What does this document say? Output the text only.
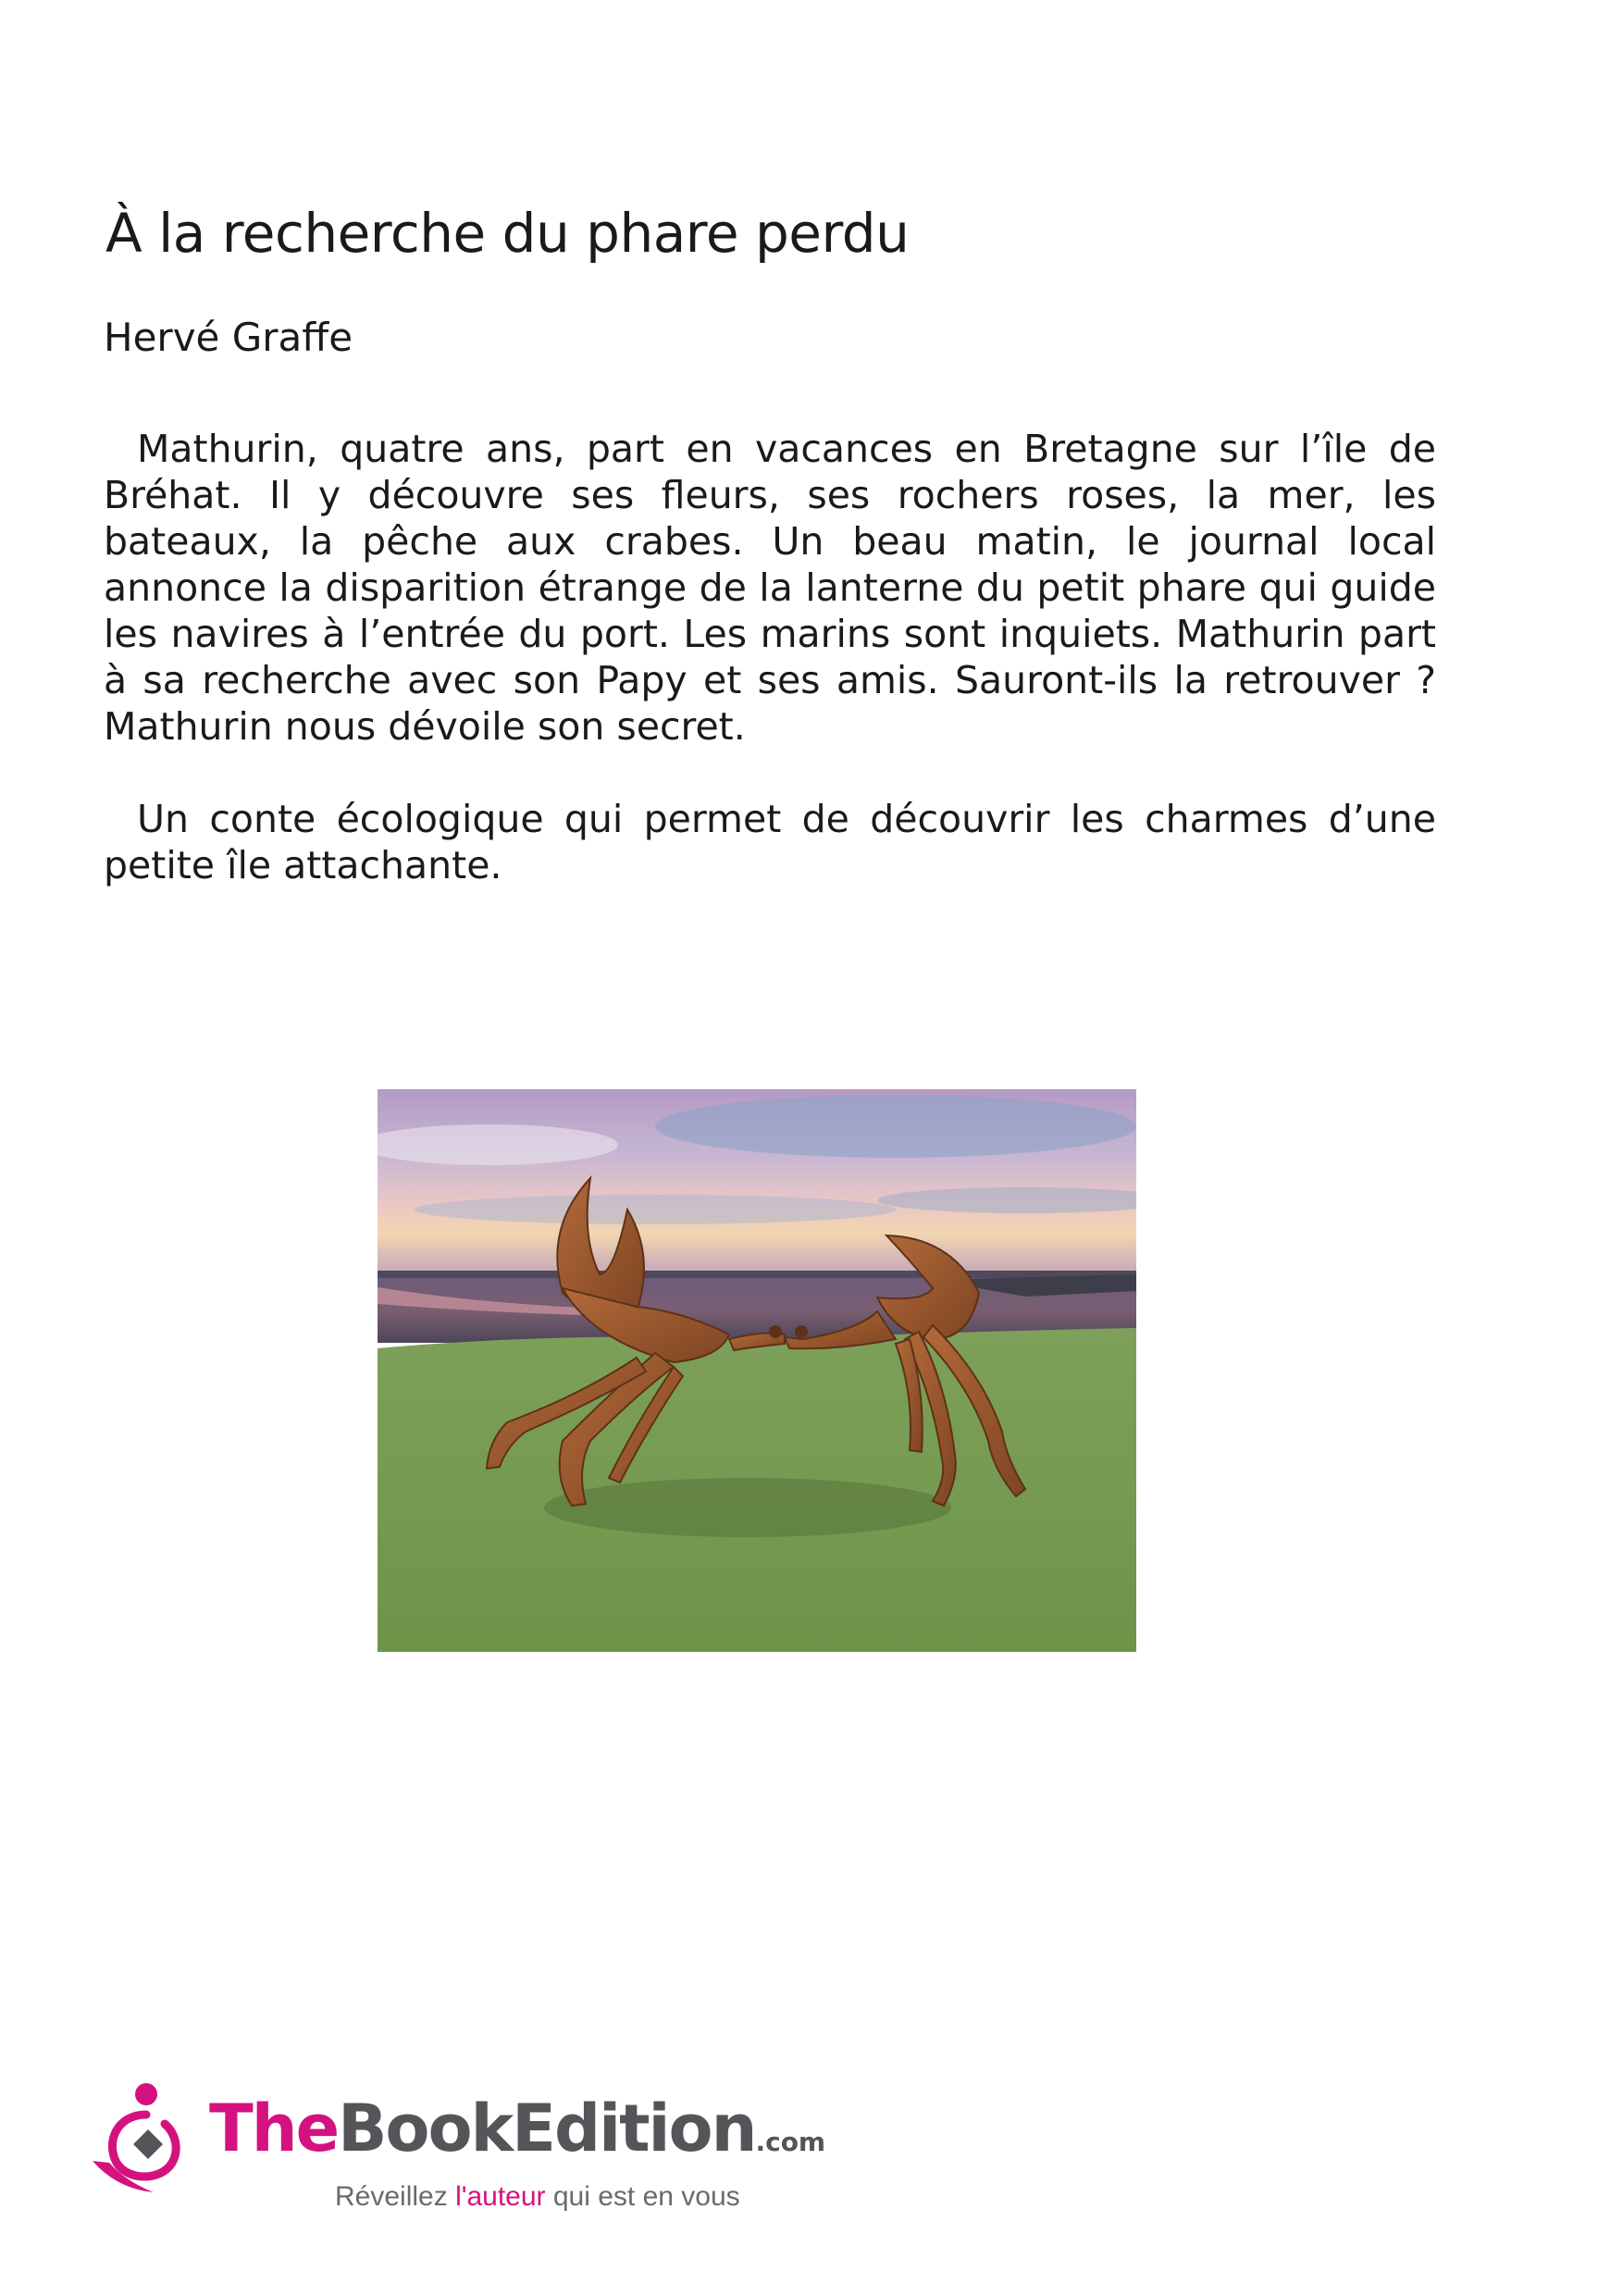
À la recherche du phare perdu
Hervé Graffe

Mathurin, quatre ans, part en vacances en Bretagne sur l’île de Bréhat. Il y découvre ses fleurs, ses rochers roses, la mer, les bateaux, la pêche aux crabes. Un beau matin, le journal local annonce la disparition étrange de la lanterne du petit phare qui guide les navires à l’entrée du port. Les marins sont inquiets. Mathurin part à sa recherche avec son Papy et ses amis. Sauront-ils la retrouver ? Mathurin nous dévoile son secret.

Un conte écologique qui permet de découvrir les charmes d’une petite île attachante.

TheBookEdition.com
Réveillez l'auteur qui est en vous
